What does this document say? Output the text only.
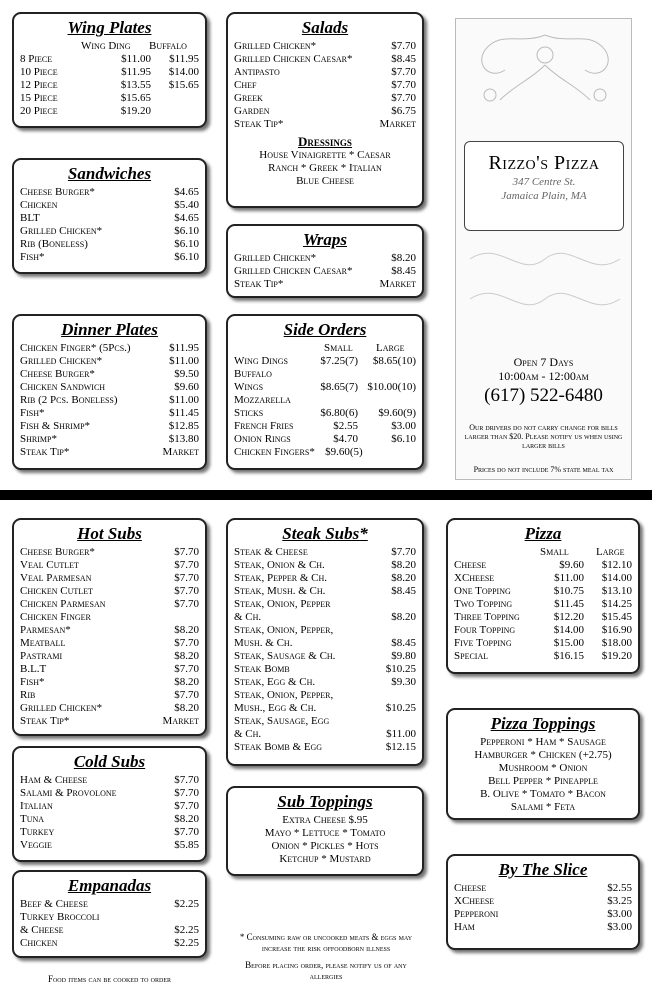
Wing Plates
Wing Ding	Buffalo
8 Piece	$11.00	$11.95
10 Piece	$11.95	$14.00
12 Piece	$13.55	$15.65
15 Piece	$15.65
20 Piece	$19.20
Salads
Grilled Chicken*	$7.70
Grilled Chicken Caesar*	$8.45
Antipasto	$7.70
Chef	$7.70
Greek	$7.70
Garden	$6.75
Steak Tip*	Market
Dressings
House Vinaigrette * Caesar
Ranch * Greek * Italian
Blue Cheese
Sandwiches
Cheese Burger*	$4.65
Chicken	$5.40
BLT	$4.65
Grilled Chicken*	$6.10
Rib (Boneless)	$6.10
Fish*	$6.10
Wraps
Grilled Chicken*	$8.20
Grilled Chicken Caesar*	$8.45
Steak Tip*	Market
Dinner Plates
Chicken Finger* (5Pcs.)	$11.95
Grilled Chicken*	$11.00
Cheese Burger*	$9.50
Chicken Sandwich	$9.60
Rib (2 Pcs. Boneless)	$11.00
Fish*	$11.45
Fish & Shrimp*	$12.85
Shrimp*	$13.80
Steak Tip*	Market
Side Orders
Small	Large
Wing Dings	$7.25(7)	$8.65(10)
Buffalo
Wings	$8.65(7) $10.00(10)
Mozzarella
Sticks	$6.80(6)	$9.60(9)
French Fries	$2.55	$3.00
Onion Rings	$4.70	$6.10
Chicken Fingers* $9.60(5)
Rizzo's Pizza
347 Centre St.
Jamaica Plain, MA
Open 7 Days
10:00am - 12:00am
(617) 522-6480
Our drivers do not carry change for bills larger than $20. Please notify us when using larger bills
Prices do not include 7% state meal tax
Hot Subs
Cheese Burger*	$7.70
Veal Cutlet	$7.70
Veal Parmesan	$7.70
Chicken Cutlet	$7.70
Chicken Parmesan	$7.70
Chicken Finger
Parmesan*	$8.20
Meatball	$7.70
Pastrami	$8.20
B.L.T	$7.70
Fish*	$8.20
Rib	$7.70
Grilled Chicken*	$8.20
Steak Tip*	Market
Steak Subs*
Steak & Cheese	$7.70
Steak, Onion & Ch.	$8.20
Steak, Pepper & Ch.	$8.20
Steak, Mush. & Ch.	$8.45
Steak, Onion, Pepper
& Ch.	$8.20
Steak, Onion, Pepper,
Mush. & Ch.	$8.45
Steak, Sausage & Ch.	$9.80
Steak Bomb	$10.25
Steak, Egg & Ch.	$9.30
Steak, Onion, Pepper,
Mush., Egg & Ch.	$10.25
Steak, Sausage, Egg
& Ch.	$11.00
Steak Bomb & Egg	$12.15
Pizza
Small	Large
Cheese	$9.60	$12.10
XCheese	$11.00	$14.00
One Topping	$10.75	$13.10
Two Topping	$11.45	$14.25
Three Topping	$12.20	$15.45
Four Topping	$14.00	$16.90
Five Topping	$15.00	$18.00
Special	$16.15	$19.20
Pizza Toppings
Pepperoni * Ham * Sausage
Hamburger * Chicken (+2.75)
Mushroom * Onion
Bell Pepper * Pineapple
B. Olive * Tomato * Bacon
Salami * Feta
Cold Subs
Ham & Cheese	$7.70
Salami & Provolone	$7.70
Italian	$7.70
Tuna	$8.20
Turkey	$7.70
Veggie	$5.85
Sub Toppings
Extra Cheese $.95
Mayo * Lettuce * Tomato
Onion * Pickles * Hots
Ketchup * Mustard
By The Slice
Cheese	$2.55
XCheese	$3.25
Pepperoni	$3.00
Ham	$3.00
Empanadas
Beef & Cheese	$2.25
Turkey Broccoli
& Cheese	$2.25
Chicken	$2.25	* Consuming raw or uncooked meats & eggs may increase the risk offoodborn illness
Before placing order, please notify us of any allergies
Food items can be cooked to order
